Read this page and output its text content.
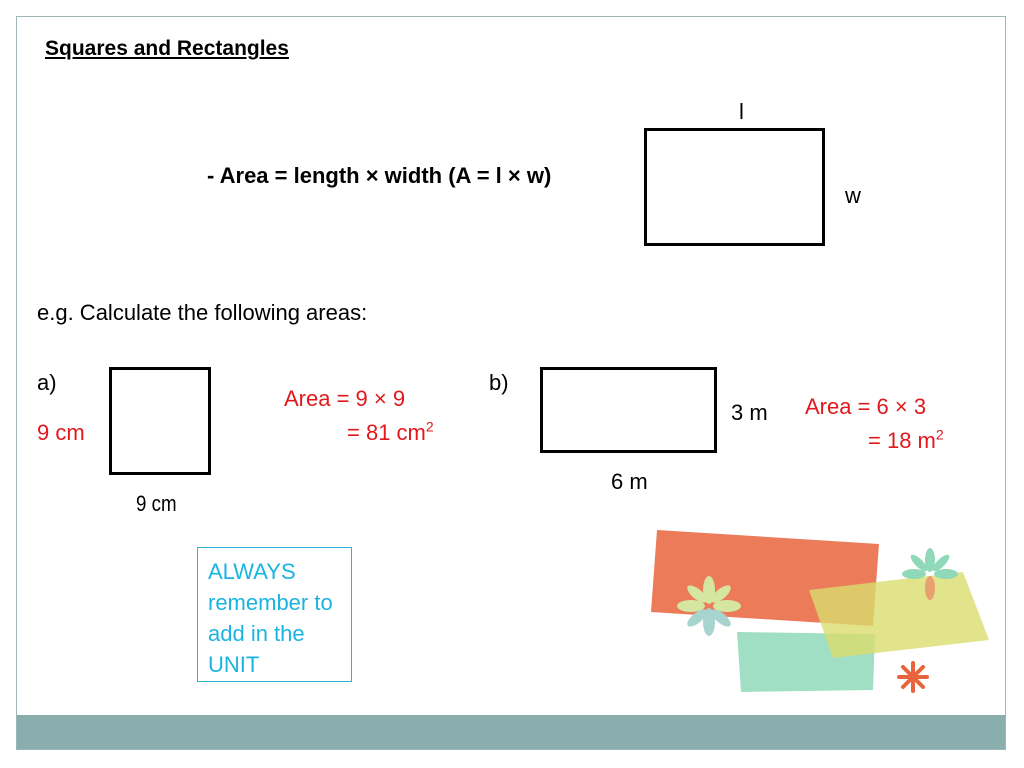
Squares and Rectangles
- Area = length × width (A = l × w)
l
w
e.g. Calculate the following areas:
a)
9 cm
9 cm
Area = 9 × 9
= 81 $cm^2$
b)
3 m
6 m
Area = 6 × 3
= 18 $m^2$
ALWAYS remember to add in the UNIT
